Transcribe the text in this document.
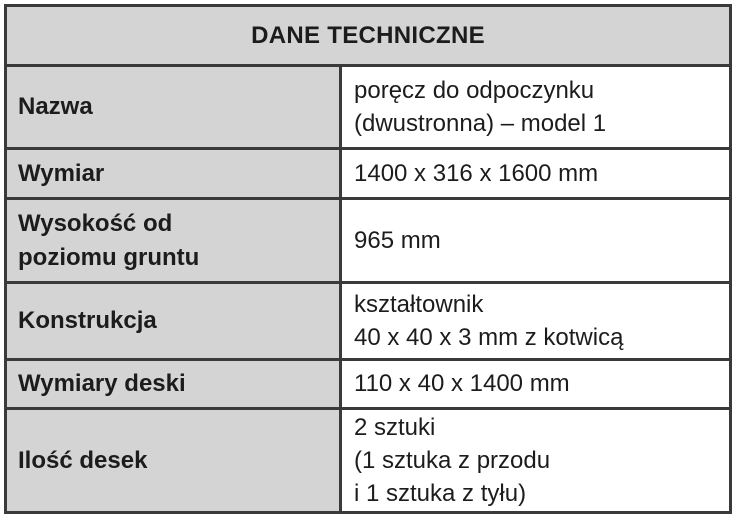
DANE TECHNICZNE
Nazwa
poręcz do odpoczynku
(dwustronna) – model 1
Wymiar	1400 x 316 x 1600 mm
Wysokość od
poziomu gruntu
965 mm
Konstrukcja
kształtownik
40 x 40 x 3 mm z kotwicą
Wymiary deski	110 x 40 x 1400 mm
Ilość desek
2 sztuki
(1 sztuka z przodu
i 1 sztuka z tyłu)
